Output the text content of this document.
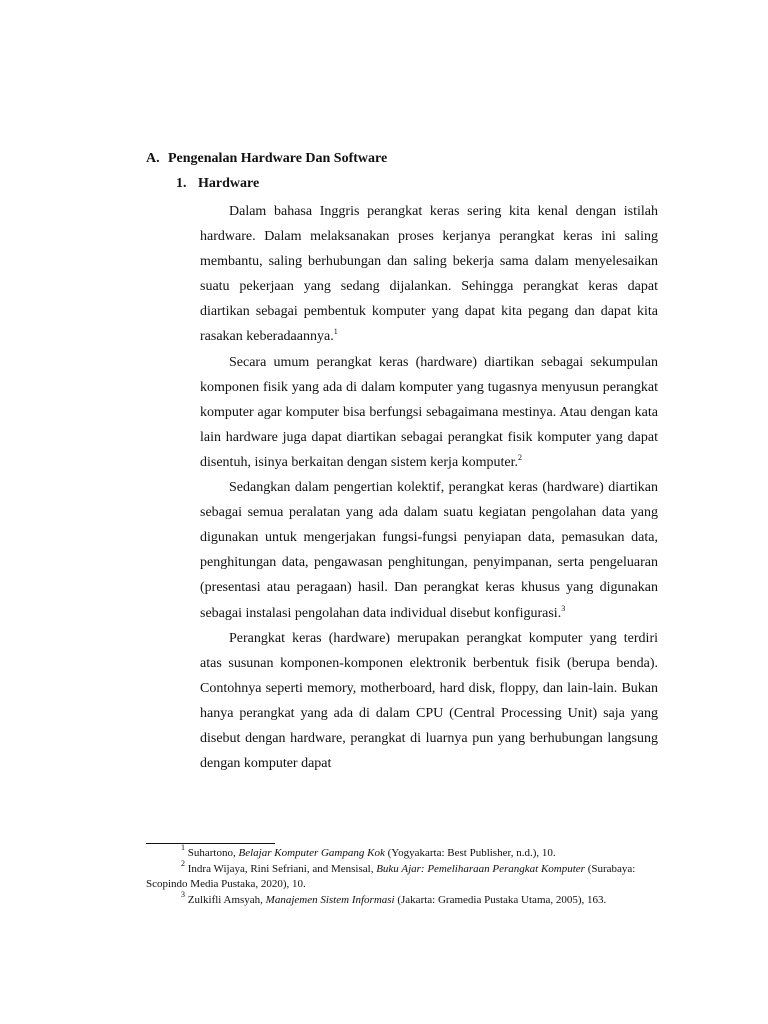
A. Pengenalan Hardware Dan Software
1. Hardware

Dalam bahasa Inggris perangkat keras sering kita kenal dengan istilah hardware. Dalam melaksanakan proses kerjanya perangkat keras ini saling membantu, saling berhubungan dan saling bekerja sama dalam menyelesaikan suatu pekerjaan yang sedang dijalankan. Sehingga perangkat keras dapat diartikan sebagai pembentuk komputer yang dapat kita pegang dan dapat kita rasakan keberadaannya.$^1$

Secara umum perangkat keras (hardware) diartikan sebagai sekumpulan komponen fisik yang ada di dalam komputer yang tugasnya menyusun perangkat komputer agar komputer bisa berfungsi sebagaimana mestinya. Atau dengan kata lain hardware juga dapat diartikan sebagai perangkat fisik komputer yang dapat disentuh, isinya berkaitan dengan sistem kerja komputer.$^2$

Sedangkan dalam pengertian kolektif, perangkat keras (hardware) diartikan sebagai semua peralatan yang ada dalam suatu kegiatan pengolahan data yang digunakan untuk mengerjakan fungsi-fungsi penyiapan data, pemasukan data, penghitungan data, pengawasan penghitungan, penyimpanan, serta pengeluaran (presentasi atau peragaan) hasil. Dan perangkat keras khusus yang digunakan sebagai instalasi pengolahan data individual disebut konfigurasi.$^3$

Perangkat keras (hardware) merupakan perangkat komputer yang terdiri atas susunan komponen-komponen elektronik berbentuk fisik (berupa benda). Contohnya seperti memory, motherboard, hard disk, floppy, dan lain-lain. Bukan hanya perangkat yang ada di dalam CPU (Central Processing Unit) saja yang disebut dengan hardware, perangkat di luarnya pun yang berhubungan langsung dengan komputer dapat

$^1$ Suhartono, Belajar Komputer Gampang Kok (Yogyakarta: Best Publisher, n.d.), 10.

$^2$ Indra Wijaya, Rini Sefriani, and Mensisal, Buku Ajar: Pemeliharaan Perangkat Komputer (Surabaya: Scopindo Media Pustaka, 2020), 10.

$^3$ Zulkifli Amsyah, Manajemen Sistem Informasi (Jakarta: Gramedia Pustaka Utama, 2005), 163.
